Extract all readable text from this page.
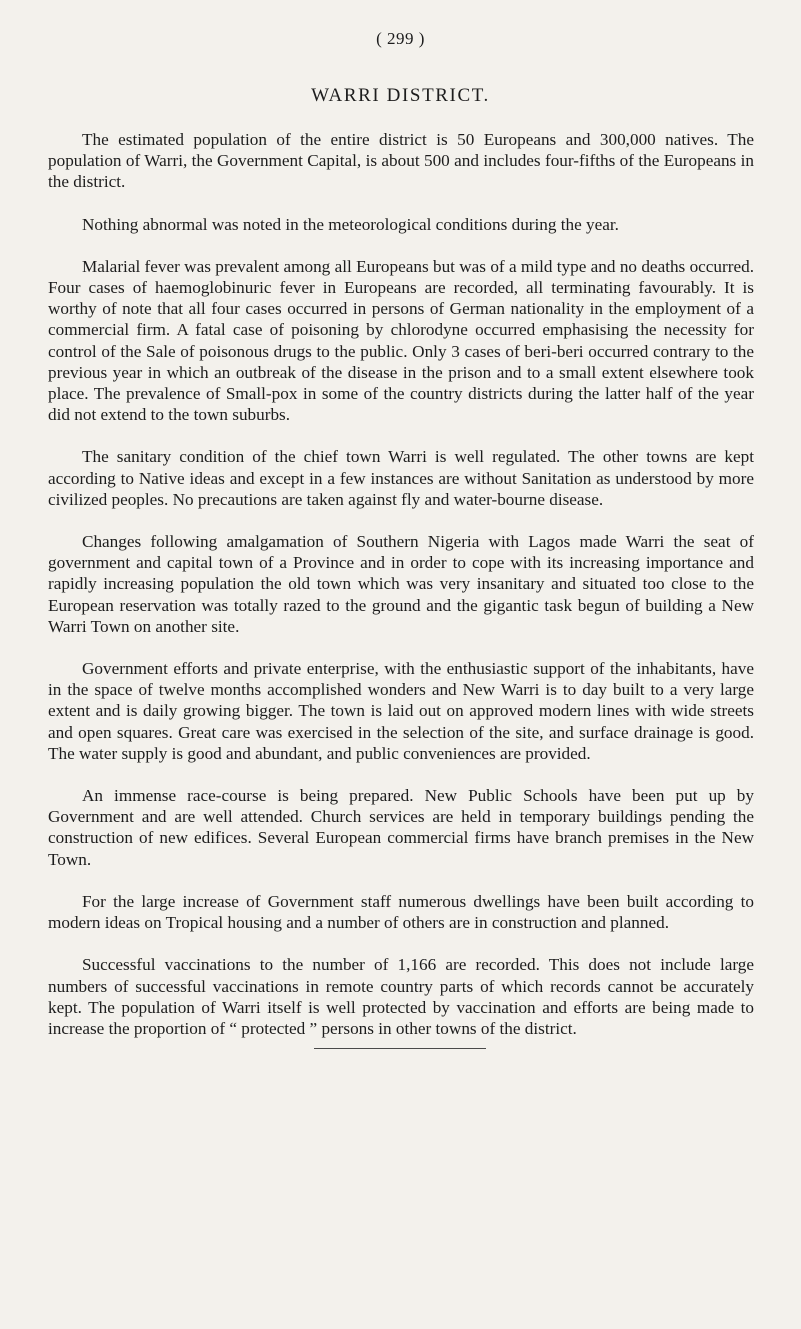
( 299 )
WARRI DISTRICT.

The estimated population of the entire district is 50 Europeans and 300,000 natives. The population of Warri, the Government Capital, is about 500 and includes four-fifths of the Europeans in the district.

Nothing abnormal was noted in the meteorological conditions during the year.

Malarial fever was prevalent among all Europeans but was of a mild type and no deaths occurred. Four cases of haemoglobinuric fever in Europeans are recorded, all terminating favourably. It is worthy of note that all four cases occurred in persons of German nationality in the employment of a commercial firm. A fatal case of poisoning by chlorodyne occurred emphasising the necessity for control of the Sale of poisonous drugs to the public. Only 3 cases of beri-beri occurred contrary to the previous year in which an outbreak of the disease in the prison and to a small extent elsewhere took place. The prevalence of Small-pox in some of the country districts during the latter half of the year did not extend to the town suburbs.

The sanitary condition of the chief town Warri is well regulated. The other towns are kept according to Native ideas and except in a few instances are without Sanitation as understood by more civilized peoples. No precautions are taken against fly and water-bourne disease.

Changes following amalgamation of Southern Nigeria with Lagos made Warri the seat of government and capital town of a Province and in order to cope with its increasing importance and rapidly increasing population the old town which was very insanitary and situated too close to the European reservation was totally razed to the ground and the gigantic task begun of building a New Warri Town on another site.

Government efforts and private enterprise, with the enthusiastic support of the inhabitants, have in the space of twelve months accomplished wonders and New Warri is to day built to a very large extent and is daily growing bigger. The town is laid out on approved modern lines with wide streets and open squares. Great care was exercised in the selection of the site, and surface drainage is good. The water supply is good and abundant, and public conveniences are provided.

An immense race-course is being prepared. New Public Schools have been put up by Government and are well attended. Church services are held in temporary buildings pending the construction of new edifices. Several European commercial firms have branch premises in the New Town.

For the large increase of Government staff numerous dwellings have been built according to modern ideas on Tropical housing and a number of others are in construction and planned.

Successful vaccinations to the number of 1,166 are recorded. This does not include large numbers of successful vaccinations in remote country parts of which records cannot be accurately kept. The population of Warri itself is well protected by vaccination and efforts are being made to increase the proportion of “ protected ” persons in other towns of the district.
